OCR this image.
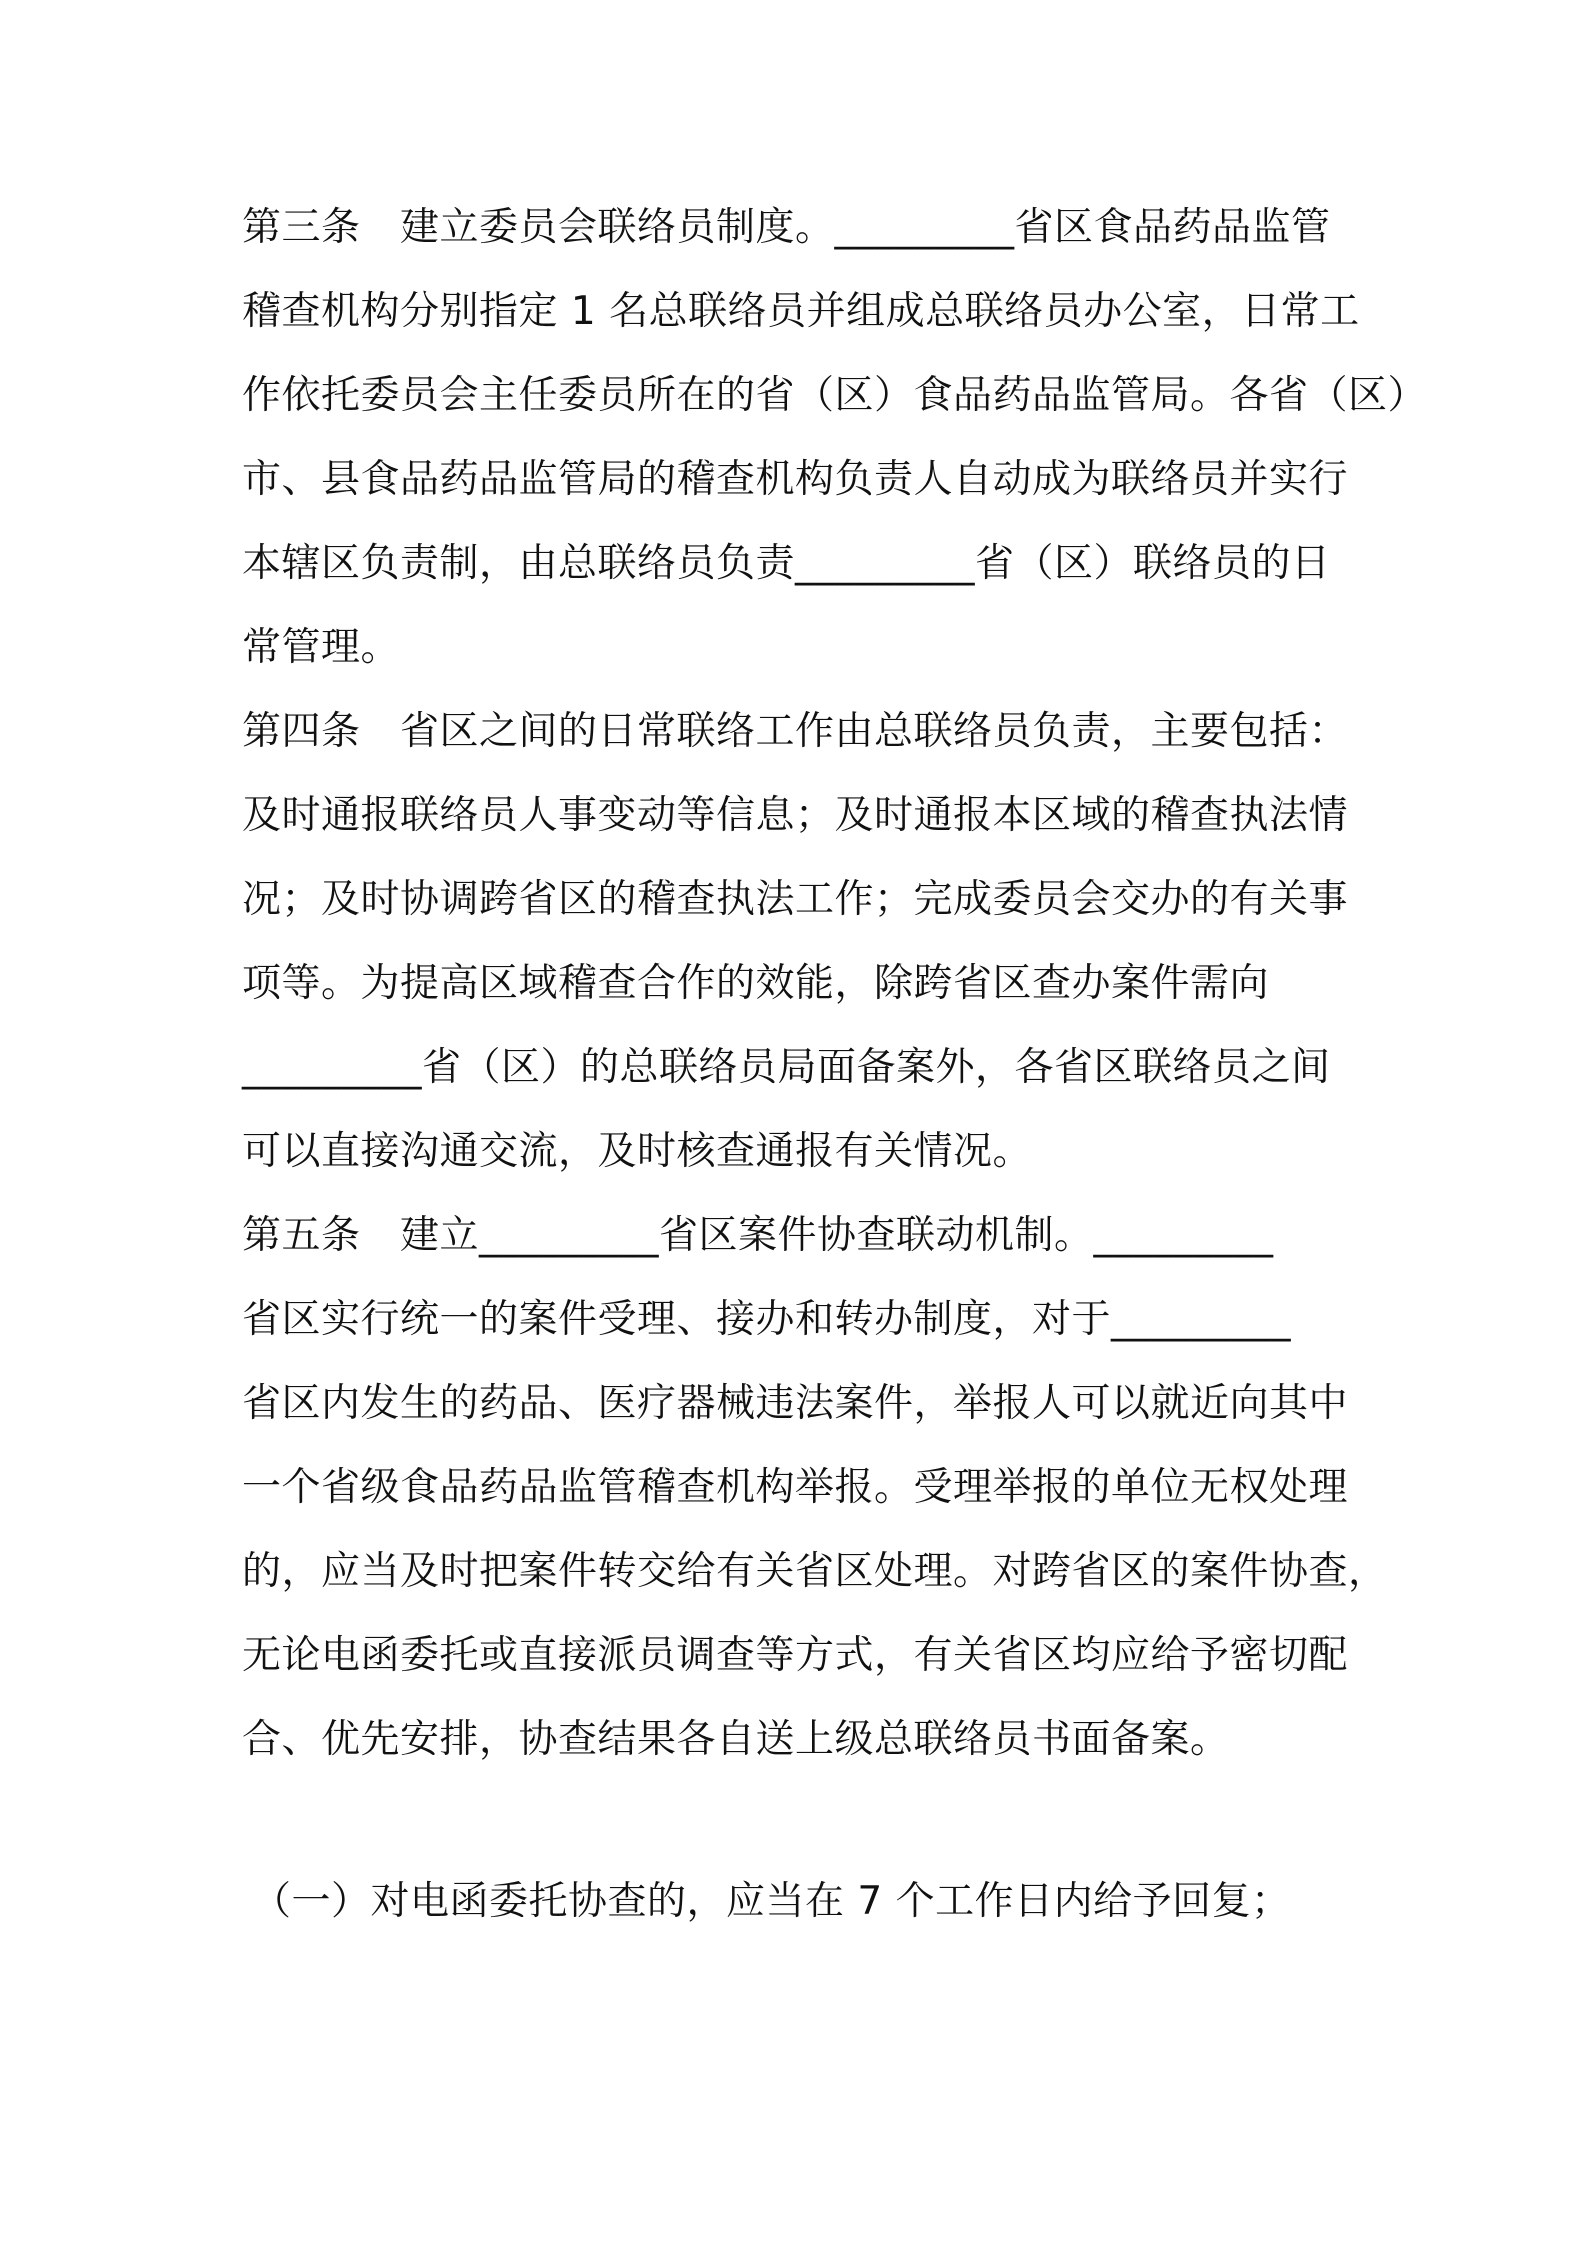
第三条　建立委员会联络员制度。_________省区食品药品监管
稽查机构分别指定 1 名总联络员并组成总联络员办公室，日常工
作依托委员会主任委员所在的省（区）食品药品监管局。各省（区）
市、县食品药品监管局的稽查机构负责人自动成为联络员并实行
本辖区负责制，由总联络员负责_________省（区）联络员的日
常管理。
第四条　省区之间的日常联络工作由总联络员负责，主要包括：
及时通报联络员人事变动等信息；及时通报本区域的稽查执法情
况；及时协调跨省区的稽查执法工作；完成委员会交办的有关事
项等。为提高区域稽查合作的效能，除跨省区查办案件需向
_________省（区）的总联络员局面备案外，各省区联络员之间
可以直接沟通交流，及时核查通报有关情况。
第五条　建立_________省区案件协查联动机制。_________
省区实行统一的案件受理、接办和转办制度，对于_________
省区内发生的药品、医疗器械违法案件，举报人可以就近向其中
一个省级食品药品监管稽查机构举报。受理举报的单位无权处理
的，应当及时把案件转交给有关省区处理。对跨省区的案件协查，
无论电函委托或直接派员调查等方式，有关省区均应给予密切配
合、优先安排，协查结果各自送上级总联络员书面备案。
（一）对电函委托协查的，应当在 7 个工作日内给予回复；
